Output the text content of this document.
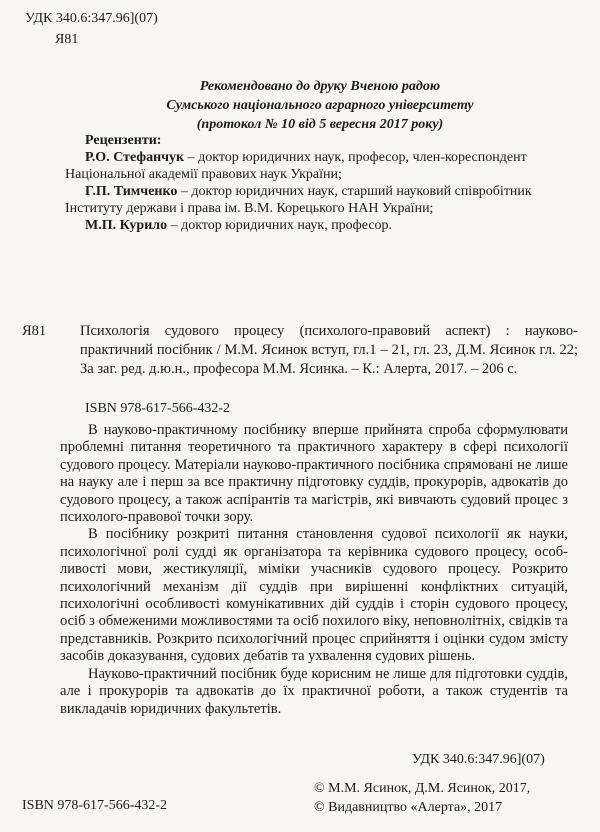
УДК 340.6:347.96](07)
Я81
Рекомендовано до друку Вченою радою
Сумського національного аграрного університету
(протокол № 10 від 5 вересня 2017 року)
Рецензенти:

Р.О. Стефанчук – доктор юридичних наук, професор, член-кореспондент Національної академії правових наук України;

Г.П. Тимченко – доктор юридичних наук, старший науковий співробітник Інституту держави і права ім. В.М. Корецького НАН України;

М.П. Курило – доктор юридичних наук, професор.

Я81 Психологія судового процесу (психолого-правовий аспект) : науково-практичний посібник / М.М. Ясинок вступ, гл.1 – 21, гл. 23, Д.М. Ясинок гл. 22; За заг. ред. д.ю.н., професора М.М. Ясинка. – К.: Алерта, 2017. – 206 с.
ISBN 978-617-566-432-2

В науково-практичному посібнику вперше прийнята спроба сформулювати проблемні питання теоретичного та практичного характеру в сфері психології судового процесу. Матеріали науково-практичного посібника спрямовані не лише на науку але і перш за все практичну підготовку суддів, прокурорів, адвокатів до судового процесу, а також аспірантів та магістрів, які вивчають судовий процес з психолого-правової точки зору.

В посібнику розкриті питання становлення судової психології як науки, психологічної ролі судді як організатора та керівника судового процесу, особливості мови, жестикуляції, міміки учасників судового процесу. Розкрито психологічний механізм дії суддів при вирішенні конфліктних ситуацій, психологічні особливості комунікативних дій суддів і сторін судового процесу, осіб з обмеженими можливостями та осіб похилого віку, неповнолітніх, свідків та представників. Розкрито психологічний процес сприйняття і оцінки судом змісту засобів доказування, судових дебатів та ухвалення судових рішень.

Науково-практичний посібник буде корисним не лише для підготовки суддів, але і прокурорів та адвокатів до їх практичної роботи, а також студентів та викладачів юридичних факультетів.

УДК 340.6:347.96](07)
ISBN 978-617-566-432-2
© М.М. Ясинок, Д.М. Ясинок, 2017,
© Видавництво «Алерта», 2017
